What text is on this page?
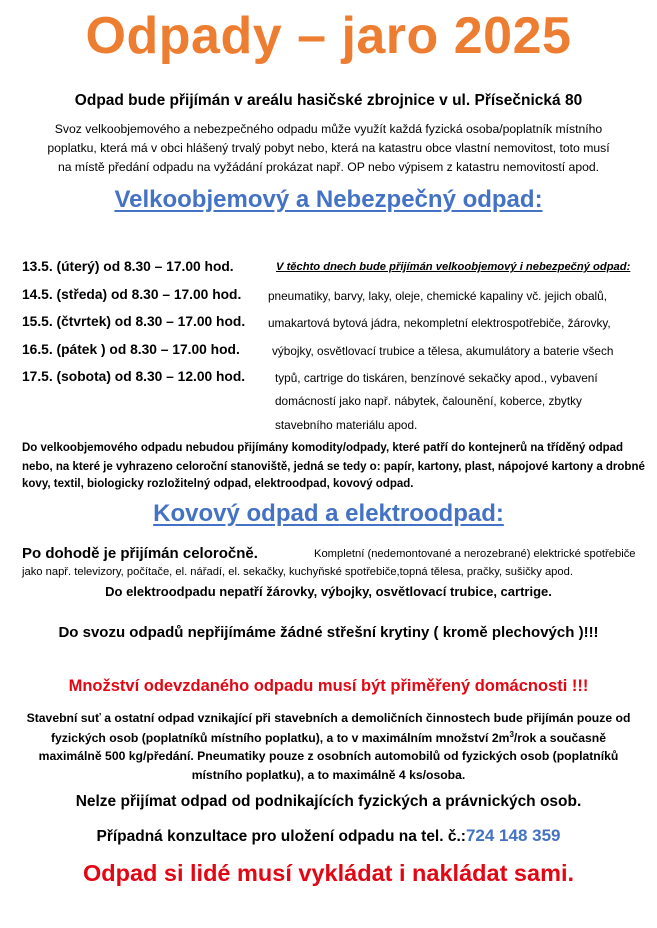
Odpady – jaro 2025
Odpad bude přijímán v areálu hasičské zbrojnice v ul. Přísečnická 80
Svoz velkoobjemového a nebezpečného odpadu může využít každá fyzická osoba/poplatník místního
poplatku, která má v obci hlášený trvalý pobyt nebo, která na katastru obce vlastní nemovitost, toto musí
na místě předání odpadu na vyžádání prokázat např. OP nebo výpisem z katastru nemovitostí apod.
Velkoobjemový a Nebezpečný odpad:
13.5. (úterý) od 8.30 – 17.00 hod.
14.5. (středa) od 8.30 – 17.00 hod.
15.5. (čtvrtek) od 8.30 – 17.00 hod.
16.5. (pátek ) od 8.30 – 17.00 hod.
17.5. (sobota) od 8.30 – 12.00 hod.
V těchto dnech bude přijímán velkoobjemový i nebezpečný odpad:
pneumatiky, barvy, laky, oleje, chemické kapaliny vč. jejich obalů,
umakartová bytová jádra, nekompletní elektrospotřebiče, žárovky,
výbojky, osvětlovací trubice a tělesa, akumulátory a baterie všech
typů, cartrige do tiskáren, benzínové sekačky apod., vybavení
domácností jako např. nábytek, čalounění, koberce, zbytky
stavebního materiálu apod.
Do velkoobjemového odpadu nebudou přijímány komodity/odpady, které patří do kontejnerů na tříděný odpad
nebo, na které je vyhrazeno celoroční stanoviště, jedná se tedy o: papír, kartony, plast, nápojové kartony a drobné
kovy, textil, biologicky rozložitelný odpad, elektroodpad, kovový odpad.
Kovový odpad a elektroodpad:
Po dohodě je přijímán celoročně.	Kompletní (nedemontované a nerozebrané) elektrické spotřebiče
jako např. televizory, počítače, el. nářadí, el. sekačky, kuchyňské spotřebiče,topná tělesa, pračky, sušičky apod.
Do elektroodpadu nepatří žárovky, výbojky, osvětlovací trubice, cartrige.
Do svozu odpadů nepřijímáme žádné střešní krytiny ( kromě plechových )!!!
Množství odevzdaného odpadu musí být přiměřený domácnosti !!!
Stavební suť a ostatní odpad vznikající při stavebních a demoličních činnostech bude přijímán pouze od
fyzických osob (poplatníků místního poplatku), a to v maximálním množství $2m^3$/rok a současně
maximálně 500 kg/předání. Pneumatiky pouze z osobních automobilů od fyzických osob (poplatníků
místního poplatku), a to maximálně 4 ks/osoba.
Nelze přijímat odpad od podnikajících fyzických a právnických osob.
Případná konzultace pro uložení odpadu na tel. č.:724 148 359
Odpad si lidé musí vykládat i nakládat sami.
